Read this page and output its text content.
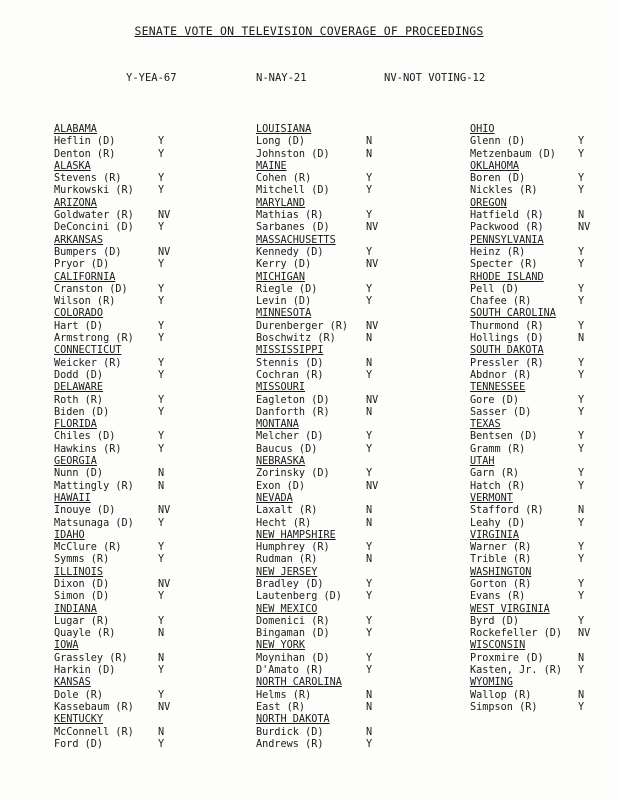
SENATE VOTE ON TELEVISION COVERAGE OF PROCEEDINGS
Y-YEA-67	N-NAY-21	NV-NOT VOTING-12
ALABAMA
Heflin (D)	Y
Denton (R)	Y
ALASKA
Stevens (R)	Y
Murkowski (R) Y
ARIZONA
Goldwater (R) NV
DeConcini (D) Y
ARKANSAS
Bumpers (D)	NV
Pryor (D)	Y
CALIFORNIA
Cranston (D)	Y
Wilson (R)	Y
COLORADO
Hart (D)	Y
Armstrong (R) Y
CONNECTICUT
Weicker (R)	Y
Dodd (D)	Y
DELAWARE
Roth (R)	Y
Biden (D)	Y
FLORIDA
Chiles (D)	Y
Hawkins (R)	Y
GEORGIA
Nunn (D)	N
Mattingly (R) N
HAWAII
Inouye (D)	NV
Matsunaga (D) Y
IDAHO
McClure (R)	Y
Symms (R)	Y
ILLINOIS
Dixon (D)	NV
Simon (D)	Y
INDIANA
Lugar (R)	Y
Quayle (R)	N
IOWA
Grassley (R)	N
Harkin (D)	Y
KANSAS
Dole (R)	Y
Kassebaum (R) NV
KENTUCKY
McConnell (R) N
Ford (D)	Y
LOUISIANA
Long (D)	N
Johnston (D)	N
MAINE
Cohen (R)	Y
Mitchell (D)	Y
MARYLAND
Mathias (R)	Y
Sarbanes (D)	NV
MASSACHUSETTS
Kennedy (D)	Y
Kerry (D)	NV
MICHIGAN
Riegle (D)	Y
Levin (D)	Y
MINNESOTA
Durenberger (R) NV
Boschwitz (R)	N
MISSISSIPPI
Stennis (D)	N
Cochran (R)	Y
MISSOURI
Eagleton (D)	NV
Danforth (R)	N
MONTANA
Melcher (D)	Y
Baucus (D)	Y
NEBRASKA
Zorinsky (D)	Y
Exon (D)	NV
NEVADA
Laxalt (R)	N
Hecht (R)	N
NEW HAMPSHIRE
Humphrey (R)	Y
Rudman (R)	N
NEW JERSEY
Bradley (D)	Y
Lautenberg (D) Y
NEW MEXICO
Domenici (R)	Y
Bingaman (D)	Y
NEW YORK
Moynihan (D)	Y
D'Amato (R)	Y
NORTH CAROLINA
Helms (R)	N
East (R)	N
NORTH DAKOTA
Burdick (D)	N
Andrews (R)	Y
OHIO
Glenn (D)	Y
Metzenbaum (D) Y
OKLAHOMA
Boren (D)	Y
Nickles (R)	Y
OREGON
Hatfield (R)	N
Packwood (R)	NV
PENNSYLVANIA
Heinz (R)	Y
Specter (R)	Y
RHODE ISLAND
Pell (D)	Y
Chafee (R)	Y
SOUTH CAROLINA
Thurmond (R)	Y
Hollings (D)	N
SOUTH DAKOTA
Pressler (R)	Y
Abdnor (R)	Y
TENNESSEE
Gore (D)	Y
Sasser (D)	Y
TEXAS
Bentsen (D)	Y
Gramm (R)	Y
UTAH
Garn (R)	Y
Hatch (R)	Y
VERMONT
Stafford (R)	N
Leahy (D)	Y
VIRGINIA
Warner (R)	Y
Trible (R)	Y
WASHINGTON
Gorton (R)	Y
Evans (R)	Y
WEST VIRGINIA
Byrd (D)	Y
Rockefeller (D) NV
WISCONSIN
Proxmire (D)	N
Kasten, Jr. (R) Y
WYOMING
Wallop (R)	N
Simpson (R)	Y
